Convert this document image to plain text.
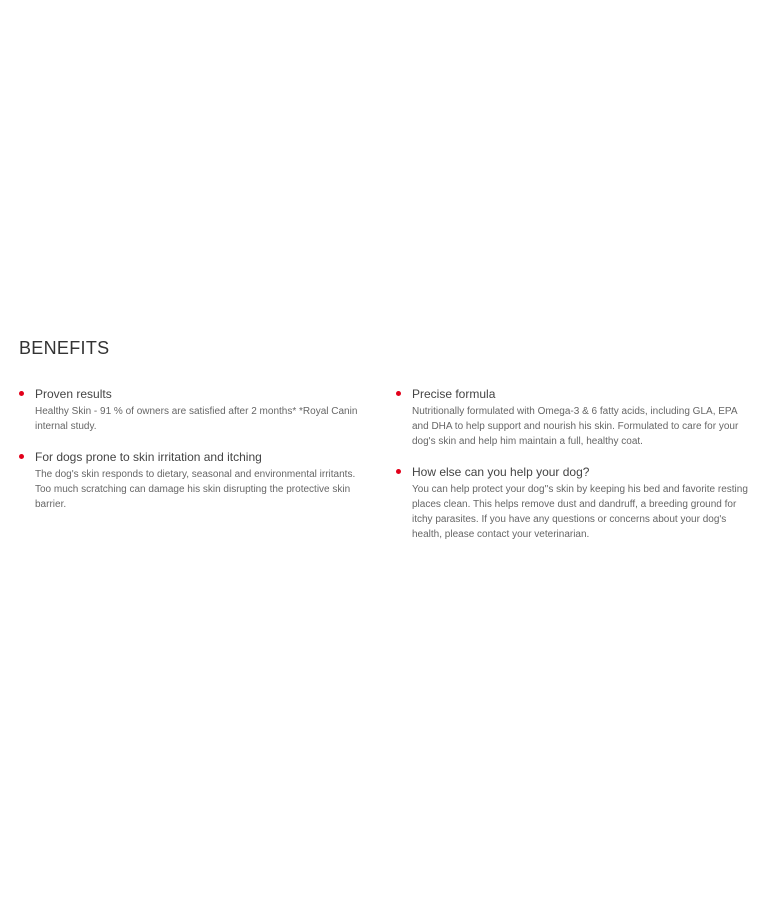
BENEFITS
Proven results
Healthy Skin - 91 % of owners are satisfied after 2 months* *Royal Canin internal study.
For dogs prone to skin irritation and itching
The dog's skin responds to dietary, seasonal and environmental irritants. Too much scratching can damage his skin disrupting the protective skin barrier.
Precise formula
Nutritionally formulated with Omega-3 & 6 fatty acids, including GLA, EPA and DHA to help support and nourish his skin. Formulated to care for your dog's skin and help him maintain a full, healthy coat.
How else can you help your dog?
You can help protect your dog''s skin by keeping his bed and favorite resting places clean. This helps remove dust and dandruff, a breeding ground for itchy parasites. If you have any questions or concerns about your dog's health, please contact your veterinarian.
